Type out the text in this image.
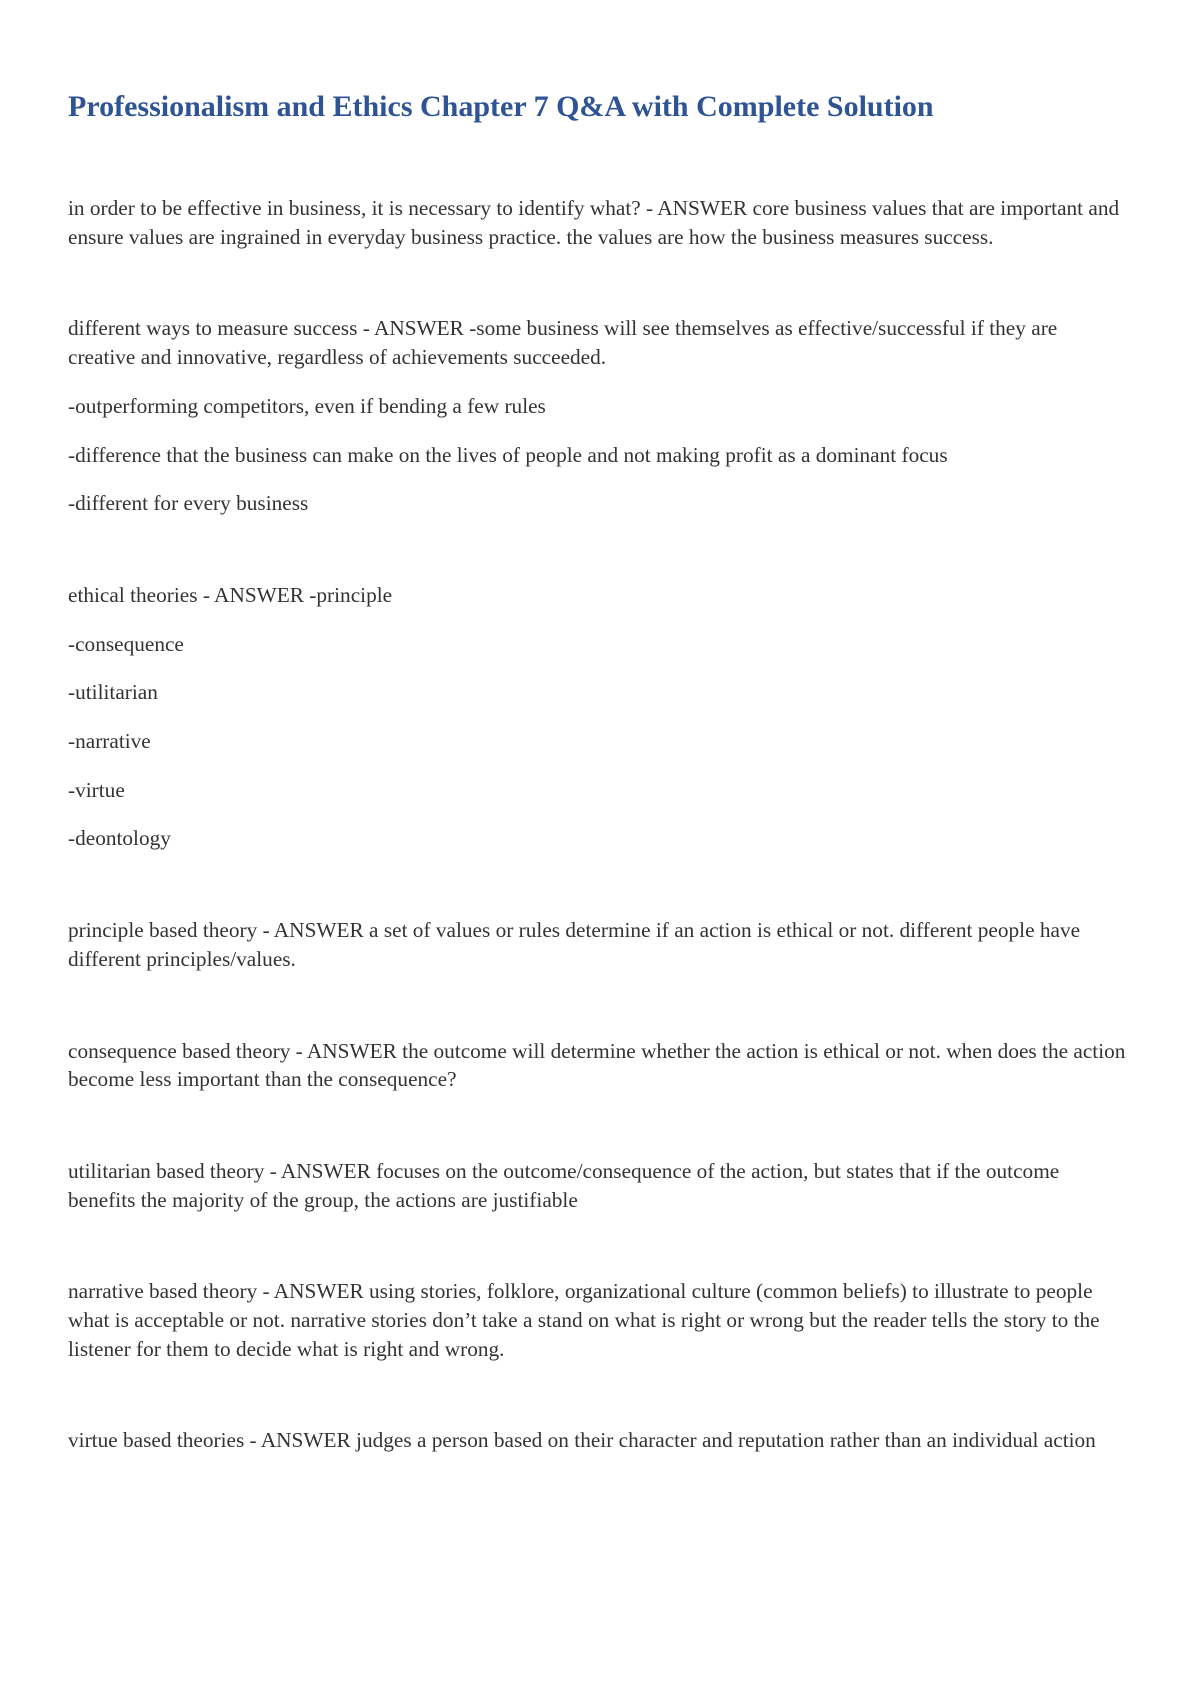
Professionalism and Ethics Chapter 7 Q&A with Complete Solution

in order to be effective in business, it is necessary to identify what? - ANSWER core business values that are important and ensure values are ingrained in everyday business practice. the values are how the business measures success.

different ways to measure success - ANSWER -some business will see themselves as effective/successful if they are creative and innovative, regardless of achievements succeeded.

-outperforming competitors, even if bending a few rules

-difference that the business can make on the lives of people and not making profit as a dominant focus

-different for every business

ethical theories - ANSWER -principle

-consequence

-utilitarian

-narrative

-virtue

-deontology

principle based theory - ANSWER a set of values or rules determine if an action is ethical or not. different people have different principles/values.

consequence based theory - ANSWER the outcome will determine whether the action is ethical or not. when does the action become less important than the consequence?

utilitarian based theory - ANSWER focuses on the outcome/consequence of the action, but states that if the outcome benefits the majority of the group, the actions are justifiable

narrative based theory - ANSWER using stories, folklore, organizational culture (common beliefs) to illustrate to people what is acceptable or not. narrative stories don’t take a stand on what is right or wrong but the reader tells the story to the listener for them to decide what is right and wrong.

virtue based theories - ANSWER judges a person based on their character and reputation rather than an individual action
